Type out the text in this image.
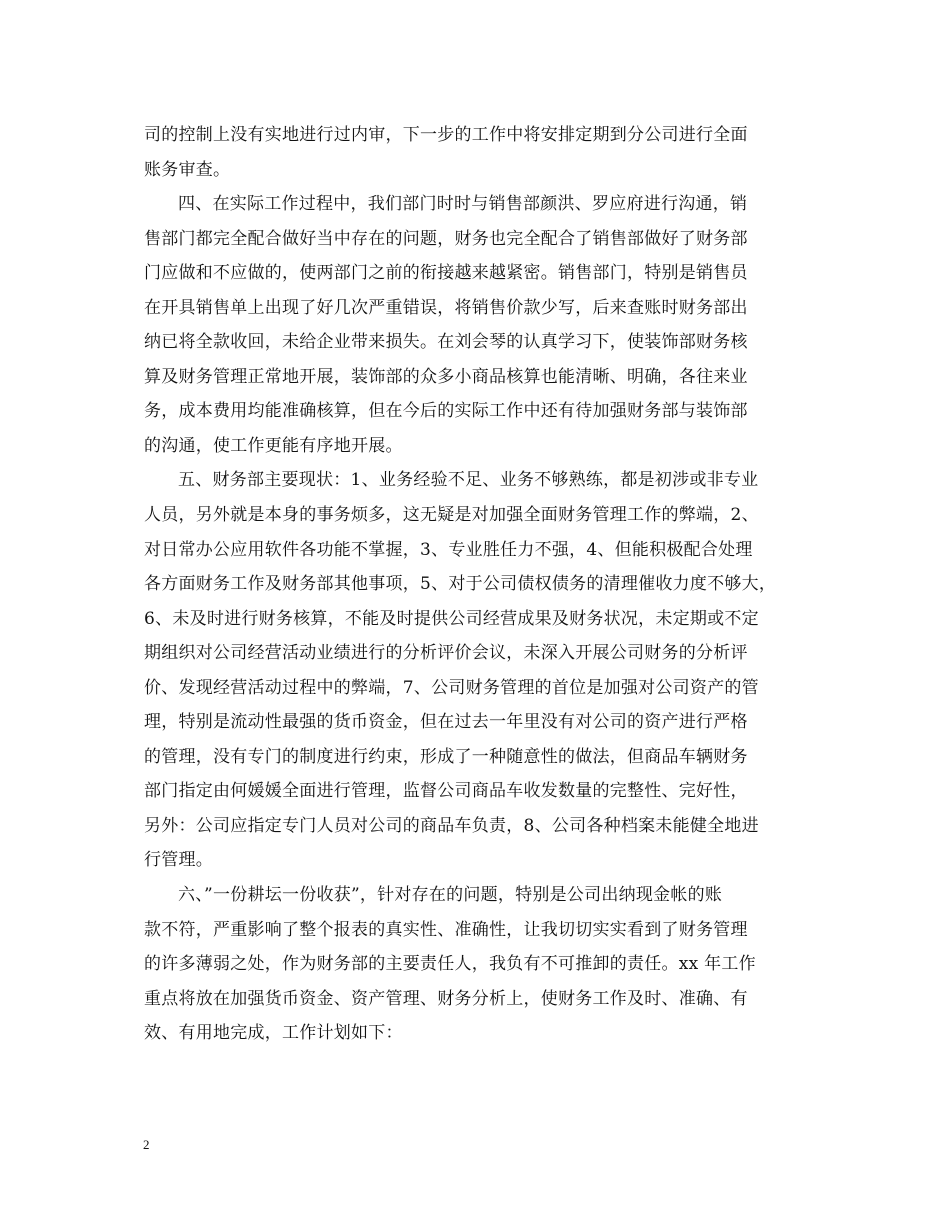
司的控制上没有实地进行过内审，下一步的工作中将安排定期到分公司进行全面
账务审查。
四、在实际工作过程中，我们部门时时与销售部颜洪、罗应府进行沟通，销
售部门都完全配合做好当中存在的问题，财务也完全配合了销售部做好了财务部
门应做和不应做的，使两部门之前的衔接越来越紧密。销售部门，特别是销售员
在开具销售单上出现了好几次严重错误，将销售价款少写，后来查账时财务部出
纳已将全款收回，未给企业带来损失。在刘会琴的认真学习下，使装饰部财务核
算及财务管理正常地开展，装饰部的众多小商品核算也能清晰、明确，各往来业
务，成本费用均能准确核算，但在今后的实际工作中还有待加强财务部与装饰部
的沟通，使工作更能有序地开展。
五、财务部主要现状：1、业务经验不足、业务不够熟练，都是初涉或非专业
人员，另外就是本身的事务烦多，这无疑是对加强全面财务管理工作的弊端，2、
对日常办公应用软件各功能不掌握，3、专业胜任力不强，4、但能积极配合处理
各方面财务工作及财务部其他事项，5、对于公司债权债务的清理催收力度不够大，
6、未及时进行财务核算，不能及时提供公司经营成果及财务状况，未定期或不定
期组织对公司经营活动业绩进行的分析评价会议，未深入开展公司财务的分析评
价、发现经营活动过程中的弊端，7、公司财务管理的首位是加强对公司资产的管
理，特别是流动性最强的货币资金，但在过去一年里没有对公司的资产进行严格
的管理，没有专门的制度进行约束，形成了一种随意性的做法，但商品车辆财务
部门指定由何媛媛全面进行管理，监督公司商品车收发数量的完整性、完好性，
另外：公司应指定专门人员对公司的商品车负责，8、公司各种档案未能健全地进
行管理。
六、”一份耕坛一份收获”，针对存在的问题，特别是公司出纳现金帐的账
款不符，严重影响了整个报表的真实性、准确性，让我切切实实看到了财务管理
的许多薄弱之处，作为财务部的主要责任人，我负有不可推卸的责任。xx 年工作
重点将放在加强货币资金、资产管理、财务分析上，使财务工作及时、准确、有
效、有用地完成，工作计划如下：
2
